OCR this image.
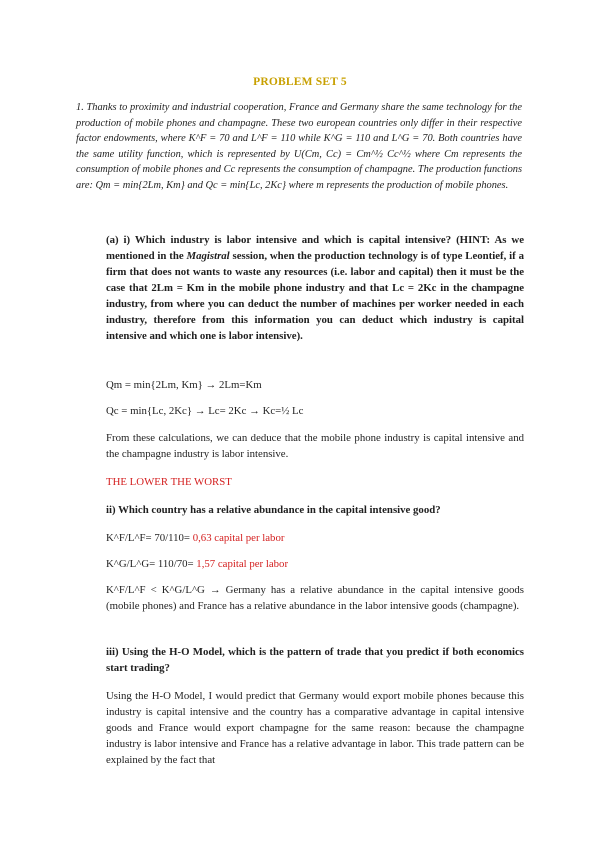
PROBLEM SET 5

1. Thanks to proximity and industrial cooperation, France and Germany share the same technology for the production of mobile phones and champagne. These two european countries only differ in their respective factor endowments, where K^F = 70 and L^F = 110 while K^G = 110 and L^G = 70. Both countries have the same utility function, which is represented by U(Cm, Cc) = Cm^½ Cc^½ where Cm represents the consumption of mobile phones and Cc represents the consumption of champagne. The production functions are: Qm = min{2Lm, Km} and Qc = min{Lc, 2Kc} where m represents the production of mobile phones.

(a) i) Which industry is labor intensive and which is capital intensive? (HINT: As we mentioned in the Magistral session, when the production technology is of type Leontief, if a firm that does not wants to waste any resources (i.e. labor and capital) then it must be the case that 2Lm = Km in the mobile phone industry and that Lc = 2Kc in the champagne industry, from where you can deduct the number of machines per worker needed in each industry, therefore from this information you can deduct which industry is capital intensive and which one is labor intensive).

Qm = min{2Lm, Km} → 2Lm=Km

Qc = min{Lc, 2Kc} → Lc= 2Kc → Kc=½ Lc

From these calculations, we can deduce that the mobile phone industry is capital intensive and the champagne industry is labor intensive.

THE LOWER THE WORST

ii) Which country has a relative abundance in the capital intensive good?

K^F/L^F= 70/110= 0,63 capital per labor

K^G/L^G= 110/70= 1,57 capital per labor

K^F/L^F < K^G/L^G → Germany has a relative abundance in the capital intensive goods (mobile phones) and France has a relative abundance in the labor intensive goods (champagne).

iii) Using the H-O Model, which is the pattern of trade that you predict if both economics start trading?

Using the H-O Model, I would predict that Germany would export mobile phones because this industry is capital intensive and the country has a comparative advantage in capital intensive goods and France would export champagne for the same reason: because the champagne industry is labor intensive and France has a relative advantage in labor. This trade pattern can be explained by the fact that
